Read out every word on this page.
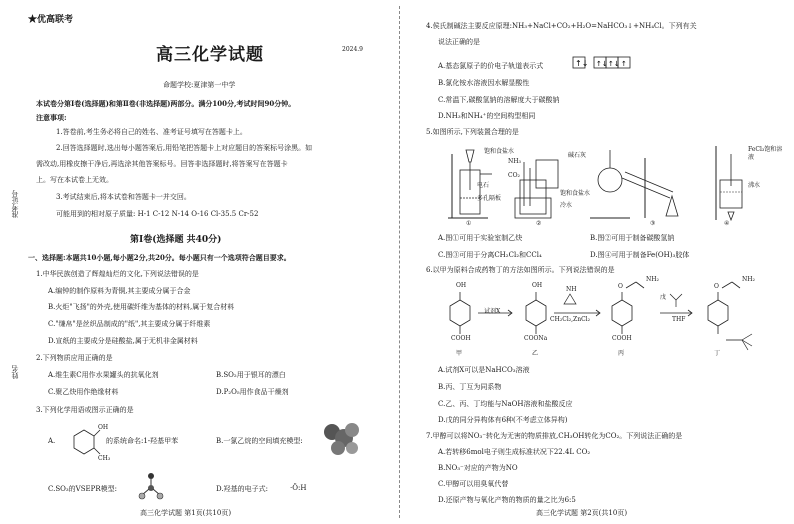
★优高联考
高三化学试题	2024.9
命题学校:夏津第一中学
本试卷分第Ⅰ卷(选择题)和第Ⅱ卷(非选择题)两部分。满分100分,考试时间90分钟。
注意事项:
1.答卷前,考生务必将自己的姓名、准考证号填写在答题卡上。
2.回答选择题时,选出每小题答案后,用铅笔把答题卡上对应题目的答案标号涂黑。如
需改动,用橡皮擦干净后,再选涂其他答案标号。回答非选择题时,将答案写在答题卡
上。写在本试卷上无效。
3.考试结束后,将本试卷和答题卡一并交回。
可能用到的相对原子质量: H-1 C-12 N-14 O-16 Cl-35.5 Cr-52
第Ⅰ卷(选择题 共40分)
一、选择题:本题共10小题,每小题2分,共20分。每小题只有一个选项符合题目要求。
准考证号
姓名
1.中华民族创造了辉煌灿烂的文化,下列说法错误的是
A.编钟的制作原料为青铜,其主要成分属于合金
B.火炬"飞扬"的外壳,使用碳纤维为基体的材料,属于复合材料
C."缣帛"是丝织品制成的"纸",其主要成分属于纤维素
D.宣纸的主要成分是硅酸盐,属于无机非金属材料
2.下列物质应用正确的是
A.维生素C用作水果罐头的抗氧化剂	B.SO₂用于银耳的漂白
C.聚乙炔用作绝缘材料	D.P₂O₅用作食品干燥剂
3.下列化学用语或图示正确的是
A.
OH
CH₃
的系统命名:1-羟基甲苯	B.一氯乙烷的空间填充模型:
C.SO₃的VSEPR模型:	D.羟基的电子式:	·Ö:H
高三化学试题 第1页(共10页)
4.侯氏制碱法主要反应原理:NH₃+NaCl+CO₂+H₂O=NaHCO₃↓+NH₄Cl。下列有关
说法正确的是
A.基态氯原子的价电子轨道表示式	↑↓ ↑↓ ↑↓ ↑
B.氯化铵水溶液因水解显酸性
C.常温下,碳酸氢钠的溶解度大于碳酸钠
D.NH₃和NH₄⁺的空间构型相同
5.如图所示,下列装置合理的是
饱和食盐水
电石
多孔隔板
NH₃
CO₂
碱石灰
饱和食盐水
冷水
FeCl₃饱和溶液
沸水
①	②	③	④
A.图①可用于实验室制乙炔	B.图②可用于制备碳酸氢钠
C.图③可用于分离CH₂Cl₂和CCl₄	D.图④可用于制备Fe(OH)₃胶体
6.以甲为原料合成药物丁的方法如图所示。下列说法错误的是
OH
COOH
甲
试剂X
OH
COONa
乙
NH
CH₂Cl₂,ZnCl₂
O
NH₂
COOH
丙
戊
THF
O
NH₂
丁
A.试剂X可以是NaHCO₃溶液
B.丙、丁互为同系物
C.乙、丙、丁均能与NaOH溶液和盐酸反应
D.戊的同分异构体有6种(不考虑立体异构)
7.甲醇可以将NO₃⁻转化为无害的物质排放,CH₃OH转化为CO₂。下列说法正确的是
A.若转移6mol电子则生成标准状况下22.4L CO₂
B.NO₃⁻对应的产物为NO
C.甲醇可以用臭氧代替
D.还原产物与氧化产物的物质的量之比为6:5
高三化学试题 第2页(共10页)
